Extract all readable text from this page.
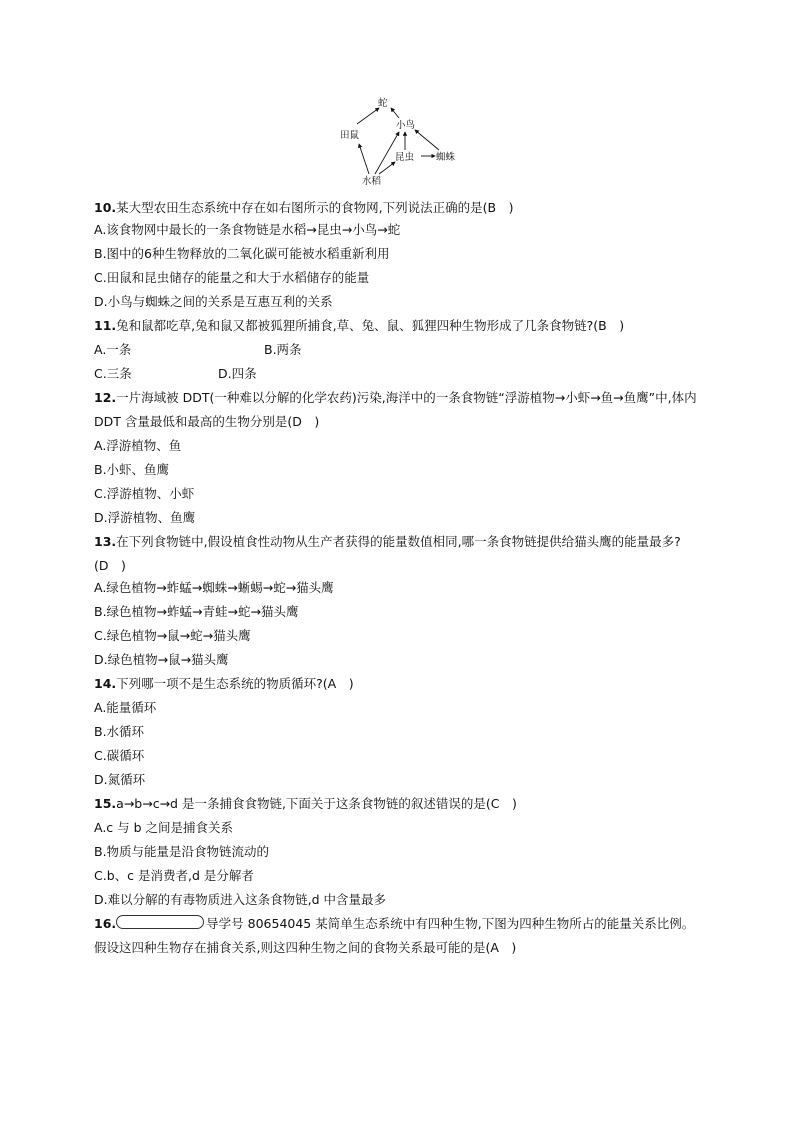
蛇
田鼠
小鸟
昆虫 蜘蛛
水稻
10.某大型农田生态系统中存在如右图所示的食物网,下列说法正确的是(B　)
A.该食物网中最长的一条食物链是水稻→昆虫→小鸟→蛇
B.图中的6种生物释放的二氧化碳可能被水稻重新利用
C.田鼠和昆虫储存的能量之和大于水稻储存的能量
D.小鸟与蜘蛛之间的关系是互惠互利的关系
11.兔和鼠都吃草,兔和鼠又都被狐狸所捕食,草、兔、鼠、狐狸四种生物形成了几条食物链?(B　)
A.一条	B.两条
C.三条	D.四条
12.一片海域被 DDT(一种难以分解的化学农药)污染,海洋中的一条食物链“浮游植物→小虾→鱼→鱼鹰”中,体内 DDT 含量最低和最高的生物分别是(D　)
A.浮游植物、鱼
B.小虾、鱼鹰
C.浮游植物、小虾
D.浮游植物、鱼鹰
13.在下列食物链中,假设植食性动物从生产者获得的能量数值相同,哪一条食物链提供给猫头鹰的能量最多?(D　)
A.绿色植物→蚱蜢→蜘蛛→蜥蜴→蛇→猫头鹰
B.绿色植物→蚱蜢→青蛙→蛇→猫头鹰
C.绿色植物→鼠→蛇→猫头鹰
D.绿色植物→鼠→猫头鹰
14.下列哪一项不是生态系统的物质循环?(A　)
A.能量循环
B.水循环
C.碳循环
D.氮循环
15.a→b→c→d 是一条捕食食物链,下面关于这条食物链的叙述错误的是(C　)
A.c 与 b 之间是捕食关系
B.物质与能量是沿食物链流动的
C.b、c 是消费者,d 是分解者
D.难以分解的有毒物质进入这条食物链,d 中含量最多
16.	导学号 80654045 某简单生态系统中有四种生物,下图为四种生物所占的能量关系比例。假设这四种生物存在捕食关系,则这四种生物之间的食物关系最可能的是(A　)
